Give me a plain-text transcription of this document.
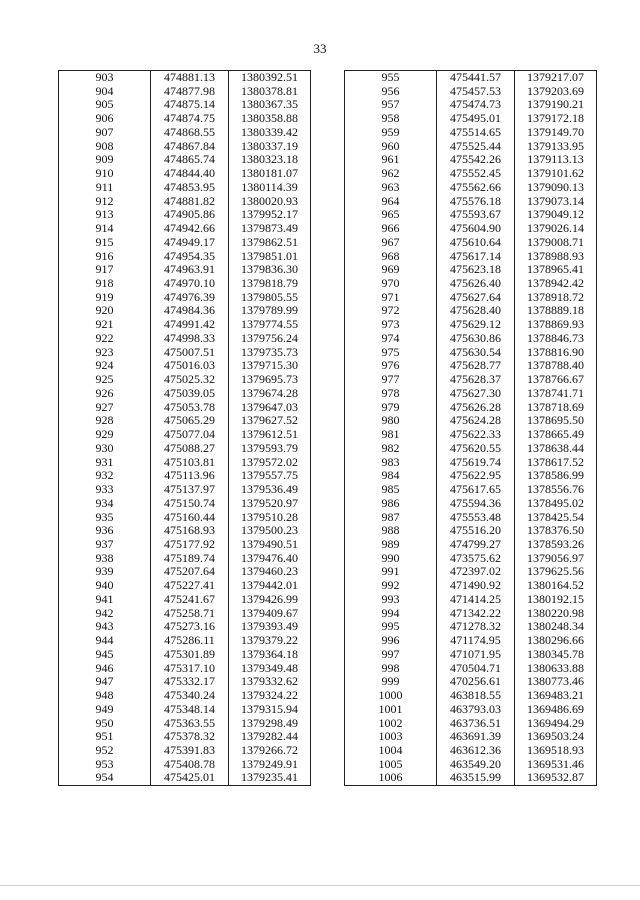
33
903	474881.13	1380392.51
904	474877.98	1380378.81
905	474875.14	1380367.35
906	474874.75	1380358.88
907	474868.55	1380339.42
908	474867.84	1380337.19
909	474865.74	1380323.18
910	474844.40	1380181.07
911	474853.95	1380114.39
912	474881.82	1380020.93
913	474905.86	1379952.17
914	474942.66	1379873.49
915	474949.17	1379862.51
916	474954.35	1379851.01
917	474963.91	1379836.30
918	474970.10	1379818.79
919	474976.39	1379805.55
920	474984.36	1379789.99
921	474991.42	1379774.55
922	474998.33	1379756.24
923	475007.51	1379735.73
924	475016.03	1379715.30
925	475025.32	1379695.73
926	475039.05	1379674.28
927	475053.78	1379647.03
928	475065.29	1379627.52
929	475077.04	1379612.51
930	475088.27	1379593.79
931	475103.81	1379572.02
932	475113.96	1379557.75
933	475137.97	1379536.49
934	475150.74	1379520.97
935	475160.44	1379510.28
936	475168.93	1379500.23
937	475177.92	1379490.51
938	475189.74	1379476.40
939	475207.64	1379460.23
940	475227.41	1379442.01
941	475241.67	1379426.99
942	475258.71	1379409.67
943	475273.16	1379393.49
944	475286.11	1379379.22
945	475301.89	1379364.18
946	475317.10	1379349.48
947	475332.17	1379332.62
948	475340.24	1379324.22
949	475348.14	1379315.94
950	475363.55	1379298.49
951	475378.32	1379282.44
952	475391.83	1379266.72
953	475408.78	1379249.91
954	475425.01	1379235.41
955	475441.57	1379217.07
956	475457.53	1379203.69
957	475474.73	1379190.21
958	475495.01	1379172.18
959	475514.65	1379149.70
960	475525.44	1379133.95
961	475542.26	1379113.13
962	475552.45	1379101.62
963	475562.66	1379090.13
964	475576.18	1379073.14
965	475593.67	1379049.12
966	475604.90	1379026.14
967	475610.64	1379008.71
968	475617.14	1378988.93
969	475623.18	1378965.41
970	475626.40	1378942.42
971	475627.64	1378918.72
972	475628.40	1378889.18
973	475629.12	1378869.93
974	475630.86	1378846.73
975	475630.54	1378816.90
976	475628.77	1378788.40
977	475628.37	1378766.67
978	475627.30	1378741.71
979	475626.28	1378718.69
980	475624.28	1378695.50
981	475622.33	1378665.49
982	475620.55	1378638.44
983	475619.74	1378617.52
984	475622.95	1378586.99
985	475617.65	1378556.76
986	475594.36	1378495.02
987	475553.48	1378425.54
988	475516.20	1378376.50
989	474799.27	1378593.26
990	473575.62	1379056.97
991	472397.02	1379625.56
992	471490.92	1380164.52
993	471414.25	1380192.15
994	471342.22	1380220.98
995	471278.32	1380248.34
996	471174.95	1380296.66
997	471071.95	1380345.78
998	470504.71	1380633.88
999	470256.61	1380773.46
1000	463818.55	1369483.21
1001	463793.03	1369486.69
1002	463736.51	1369494.29
1003	463691.39	1369503.24
1004	463612.36	1369518.93
1005	463549.20	1369531.46
1006	463515.99	1369532.87
